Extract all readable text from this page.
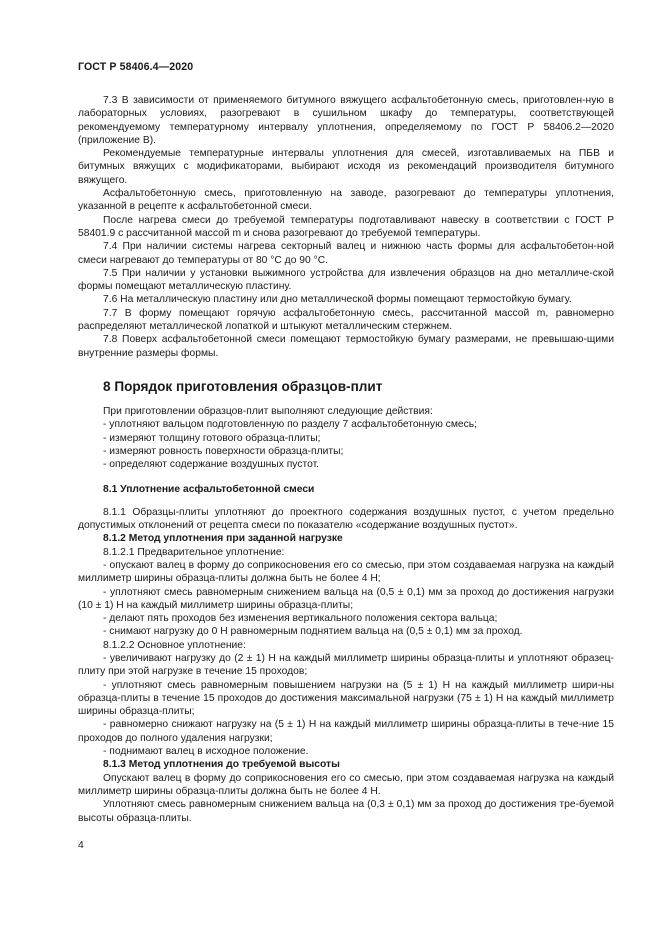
ГОСТ Р 58406.4—2020

7.3 В зависимости от применяемого битумного вяжущего асфальтобетонную смесь, приготовлен-ную в лабораторных условиях, разогревают в сушильном шкафу до температуры, соответствующей рекомендуемому температурному интервалу уплотнения, определяемому по ГОСТ Р 58406.2—2020 (приложение В).

Рекомендуемые температурные интервалы уплотнения для смесей, изготавливаемых на ПБВ и битумных вяжущих с модификаторами, выбирают исходя из рекомендаций производителя битумного вяжущего.

Асфальтобетонную смесь, приготовленную на заводе, разогревают до температуры уплотнения, указанной в рецепте к асфальтобетонной смеси.

После нагрева смеси до требуемой температуры подготавливают навеску в соответствии с ГОСТ Р 58401.9 с рассчитанной массой m и снова разогревают до требуемой температуры.

7.4 При наличии системы нагрева секторный валец и нижнюю часть формы для асфальтобетон-ной смеси нагревают до температуры от 80 °С до 90 °С.

7.5 При наличии у установки выжимного устройства для извлечения образцов на дно металличе-ской формы помещают металлическую пластину.

7.6 На металлическую пластину или дно металлической формы помещают термостойкую бумагу.

7.7 В форму помещают горячую асфальтобетонную смесь, рассчитанной массой m, равномерно распределяют металлической лопаткой и штыкуют металлическим стержнем.

7.8 Поверх асфальтобетонной смеси помещают термостойкую бумагу размерами, не превышаю-щими внутренние размеры формы.

8 Порядок приготовления образцов-плит

При приготовлении образцов-плит выполняют следующие действия:

- уплотняют вальцом подготовленную по разделу 7 асфальтобетонную смесь;

- измеряют толщину готового образца-плиты;

- измеряют ровность поверхности образца-плиты;

- определяют содержание воздушных пустот.

8.1 Уплотнение асфальтобетонной смеси

8.1.1 Образцы-плиты уплотняют до проектного содержания воздушных пустот, с учетом предельно допустимых отклонений от рецепта смеси по показателю «содержание воздушных пустот».

8.1.2 Метод уплотнения при заданной нагрузке

8.1.2.1 Предварительное уплотнение:

- опускают валец в форму до соприкосновения его со смесью, при этом создаваемая нагрузка на каждый миллиметр ширины образца-плиты должна быть не более 4 Н;

- уплотняют смесь равномерным снижением вальца на (0,5 ± 0,1) мм за проход до достижения нагрузки (10 ± 1) Н на каждый миллиметр ширины образца-плиты;

- делают пять проходов без изменения вертикального положения сектора вальца;

- снимают нагрузку до 0 Н равномерным поднятием вальца на (0,5 ± 0,1) мм за проход.

8.1.2.2 Основное уплотнение:

- увеличивают нагрузку до (2 ± 1) Н на каждый миллиметр ширины образца-плиты и уплотняют образец-плиту при этой нагрузке в течение 15 проходов;

- уплотняют смесь равномерным повышением нагрузки на (5 ± 1) Н на каждый миллиметр шири-ны образца-плиты в течение 15 проходов до достижения максимальной нагрузки (75 ± 1) Н на каждый миллиметр ширины образца-плиты;

- равномерно снижают нагрузку на (5 ± 1) Н на каждый миллиметр ширины образца-плиты в тече-ние 15 проходов до полного удаления нагрузки;

- поднимают валец в исходное положение.

8.1.3 Метод уплотнения до требуемой высоты

Опускают валец в форму до соприкосновения его со смесью, при этом создаваемая нагрузка на каждый миллиметр ширины образца-плиты должна быть не более 4 Н.

Уплотняют смесь равномерным снижением вальца на (0,3 ± 0,1) мм за проход до достижения тре-буемой высоты образца-плиты.

4
